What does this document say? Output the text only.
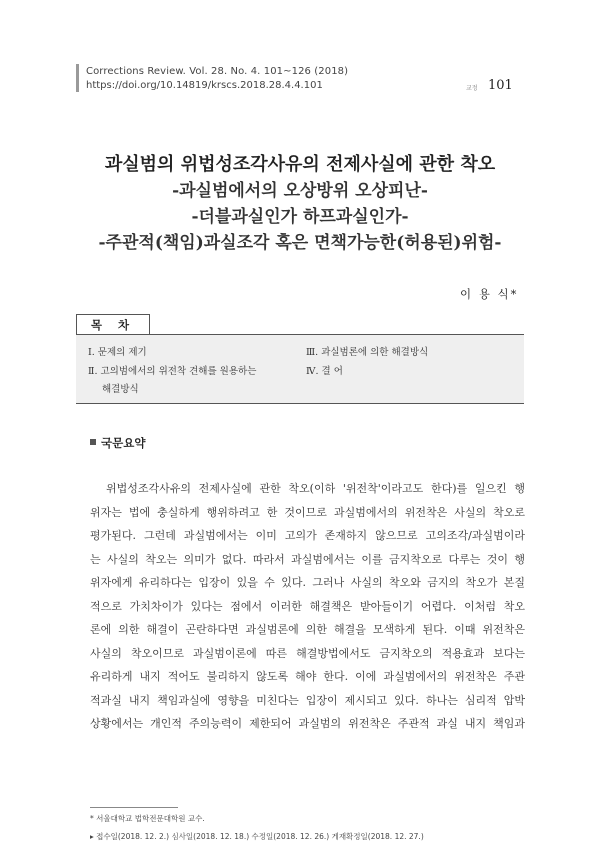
Corrections Review. Vol. 28. No. 4. 101~126 (2018)
https://doi.org/10.14819/krscs.2018.28.4.4.101	교정 101
과실범의 위법성조각사유의 전제사실에 관한 착오
-과실범에서의 오상방위 오상피난-
-더블과실인가 하프과실인가-
-주관적(책임)과실조각 혹은 면책가능한(허용된)위험-
이 용 식*
목 차
Ⅰ. 문제의 제기
Ⅱ. 고의범에서의 위전착 견해를 원용하는
해결방식
Ⅲ. 과실범론에 의한 해결방식
Ⅳ. 결 어
국문요약
위법성조각사유의 전제사실에 관한 착오(이하 '위전착'이라고도 한다)를 일으킨 행
위자는 법에 충실하게 행위하려고 한 것이므로 과실범에서의 위전착은 사실의 착오로
평가된다. 그런데 과실범에서는 이미 고의가 존재하지 않으므로 고의조각/과실범이라
는 사실의 착오는 의미가 없다. 따라서 과실범에서는 이를 금지착오로 다루는 것이 행
위자에게 유리하다는 입장이 있을 수 있다. 그러나 사실의 착오와 금지의 착오가 본질
적으로 가치차이가 있다는 점에서 이러한 해결책은 받아들이기 어렵다. 이처럼 착오
론에 의한 해결이 곤란하다면 과실범론에 의한 해결을 모색하게 된다. 이때 위전착은
사실의 착오이므로 과실범이론에 따른 해결방법에서도 금지착오의 적용효과 보다는
유리하게 내지 적어도 불리하지 않도록 해야 한다. 이에 과실범에서의 위전착은 주관
적과실 내지 책임과실에 영향을 미친다는 입장이 제시되고 있다. 하나는 심리적 압박
상황에서는 개인적 주의능력이 제한되어 과실범의 위전착은 주관적 과실 내지 책임과
* 서울대학교 법학전문대학원 교수.
▸ 접수일(2018. 12. 2.) 심사일(2018. 12. 18.) 수정일(2018. 12. 26.) 게재확정일(2018. 12. 27.)
